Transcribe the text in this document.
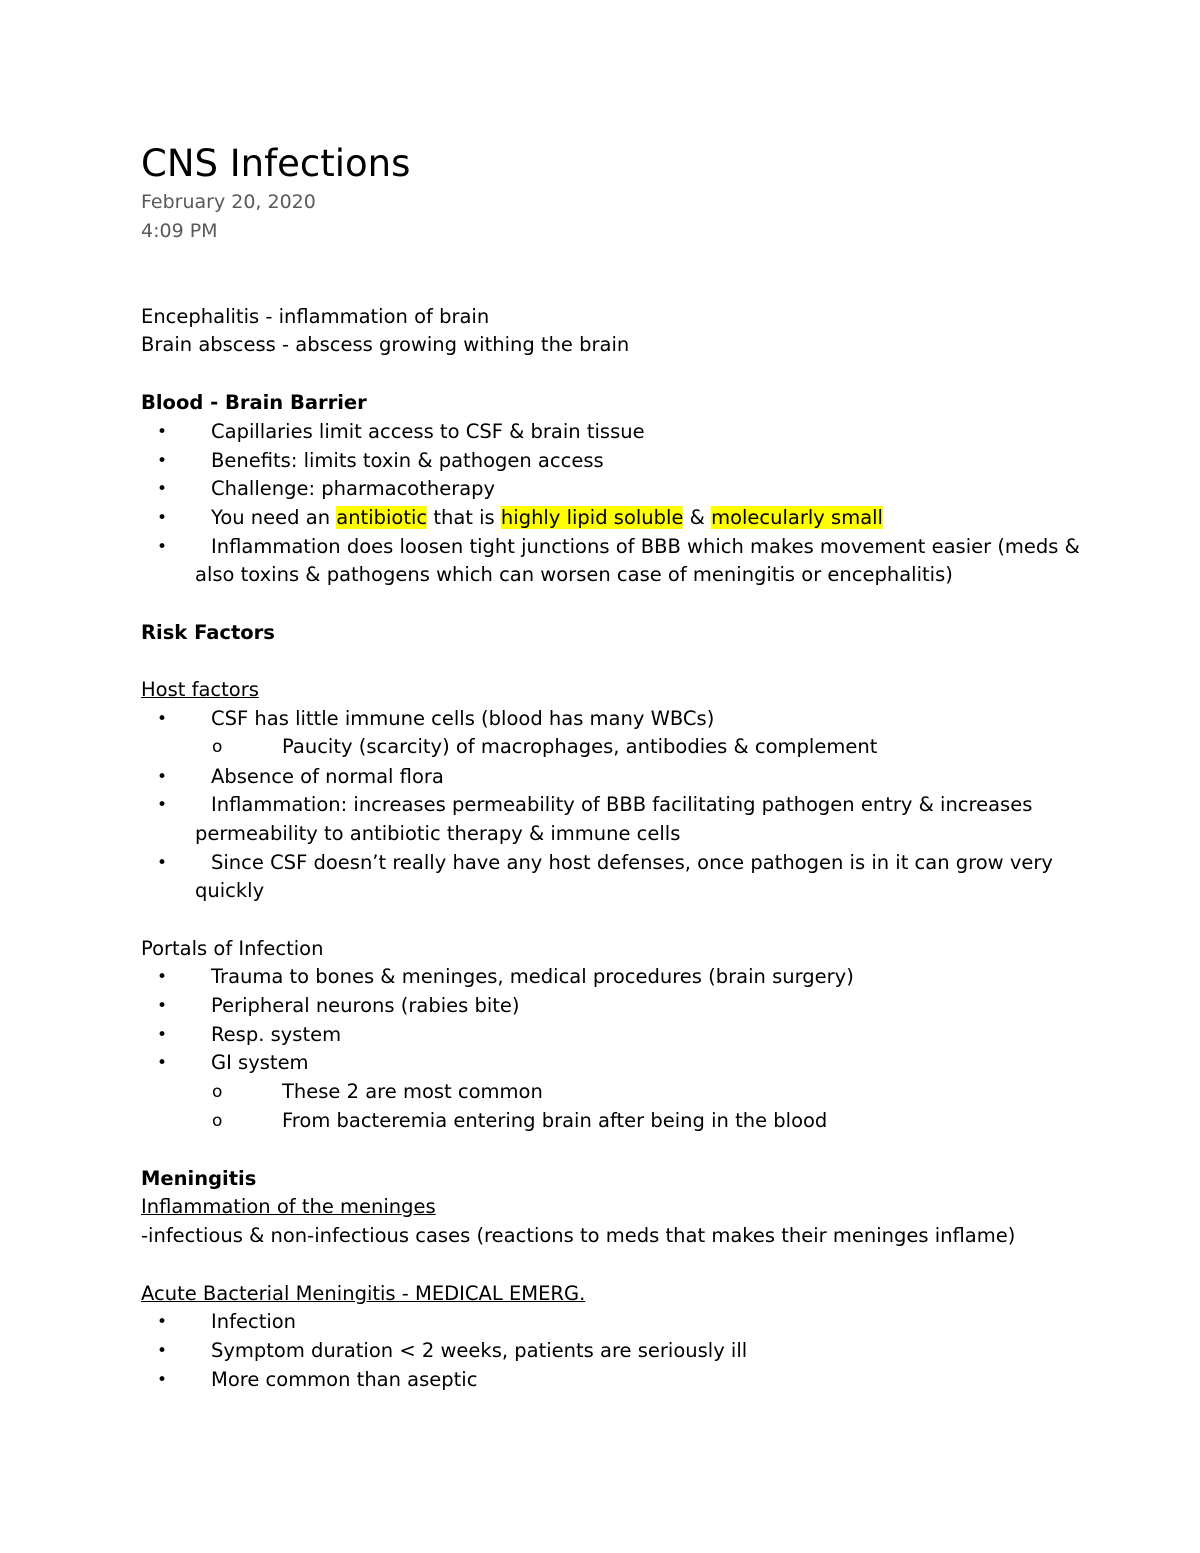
CNS Infections

February 20, 2020

4:09 PM

Encephalitis - inflammation of brain

Brain abscess - abscess growing withing the brain

Blood - Brain Barrier

• Capillaries limit access to CSF & brain tissue
• Benefits: limits toxin & pathogen access
• Challenge: pharmacotherapy
• You need an antibiotic that is highly lipid soluble & molecularly small
• Inflammation does loosen tight junctions of BBB which makes movement easier (meds &

also toxins & pathogens which can worsen case of meningitis or encephalitis)

Risk Factors

Host factors

• CSF has little immune cells (blood has many WBCs)
o	Paucity (scarcity) of macrophages, antibodies & complement
• Absence of normal flora
• Inflammation: increases permeability of BBB facilitating pathogen entry & increases

permeability to antibiotic therapy & immune cells

• Since CSF doesn’t really have any host defenses, once pathogen is in it can grow very

quickly

Portals of Infection

• Trauma to bones & meninges, medical procedures (brain surgery)
• Peripheral neurons (rabies bite)
• Resp. system
• GI system
o	These 2 are most common
o	From bacteremia entering brain after being in the blood

Meningitis

Inflammation of the meninges

-infectious & non-infectious cases (reactions to meds that makes their meninges inflame)

Acute Bacterial Meningitis - MEDICAL EMERG.

• Infection
• Symptom duration < 2 weeks, patients are seriously ill
• More common than aseptic
